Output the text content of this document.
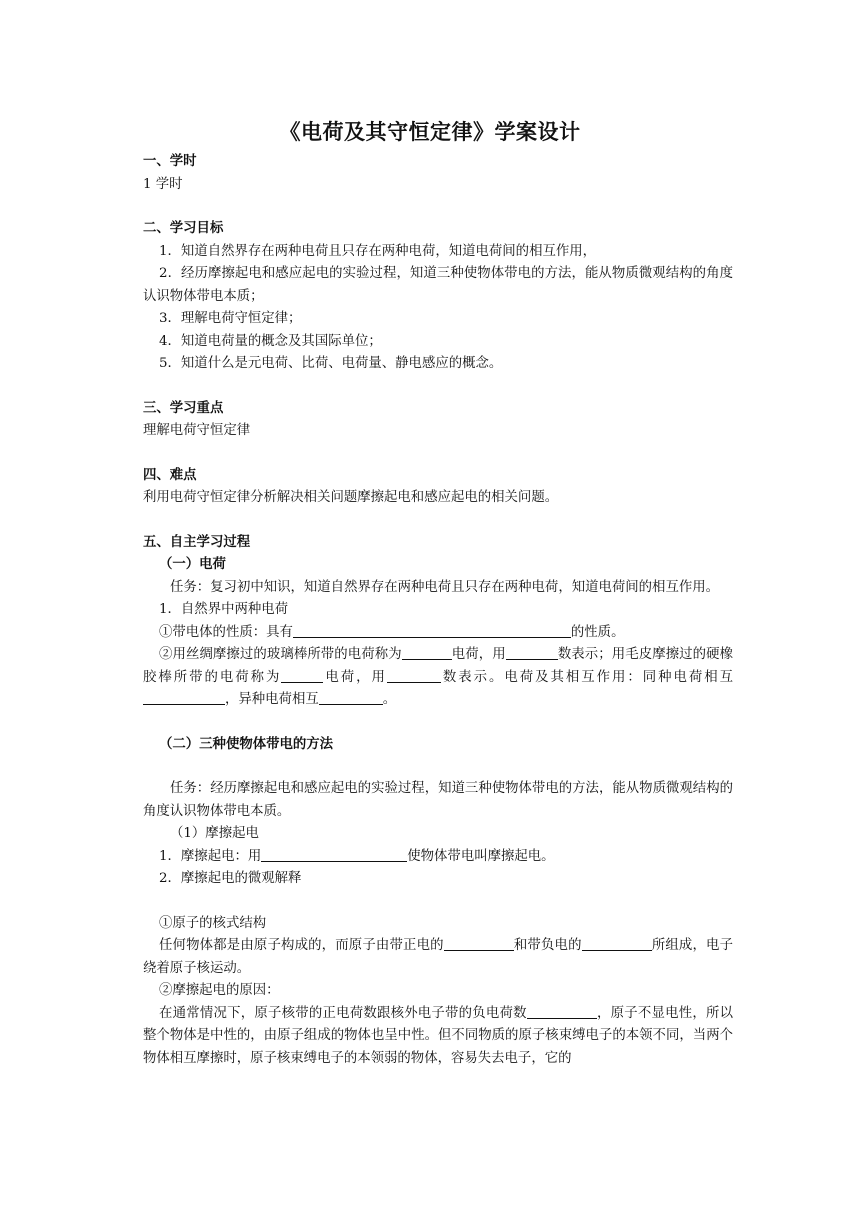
《电荷及其守恒定律》学案设计

一、学时

1 学时

二、学习目标

1．知道自然界存在两种电荷且只存在两种电荷，知道电荷间的相互作用，

2．经历摩擦起电和感应起电的实验过程，知道三种使物体带电的方法，能从物质微观结构的角度认识物体带电本质；

3．理解电荷守恒定律；

4．知道电荷量的概念及其国际单位；

5．知道什么是元电荷、比荷、电荷量、静电感应的概念。

三、学习重点

理解电荷守恒定律

四、难点

利用电荷守恒定律分析解决相关问题摩擦起电和感应起电的相关问题。

五、自主学习过程

（一）电荷

任务：复习初中知识，知道自然界存在两种电荷且只存在两种电荷，知道电荷间的相互作用。

1．自然界中两种电荷

①带电体的性质：具有	的性质。

②用丝绸摩擦过的玻璃棒所带的电荷称为	电荷，用	数表示；用毛皮摩擦过的硬橡胶棒所带的电荷称为	电荷，用	数表示。电荷及其相互作用：同种电荷相互，异种电荷相互	。

（二）三种使物体带电的方法

任务：经历摩擦起电和感应起电的实验过程，知道三种使物体带电的方法，能从物质微观结构的角度认识物体带电本质。

（1）摩擦起电

1．摩擦起电：用	使物体带电叫摩擦起电。

2．摩擦起电的微观解释

①原子的核式结构

任何物体都是由原子构成的，而原子由带正电的	和带负电的	所组成，电子绕着原子核运动。

②摩擦起电的原因：

在通常情况下，原子核带的正电荷数跟核外电子带的负电荷数	，原子不显电性，所以整个物体是中性的，由原子组成的物体也呈中性。但不同物质的原子核束缚电子的本领不同，当两个物体相互摩擦时，原子核束缚电子的本领弱的物体，容易失去电子，它的
